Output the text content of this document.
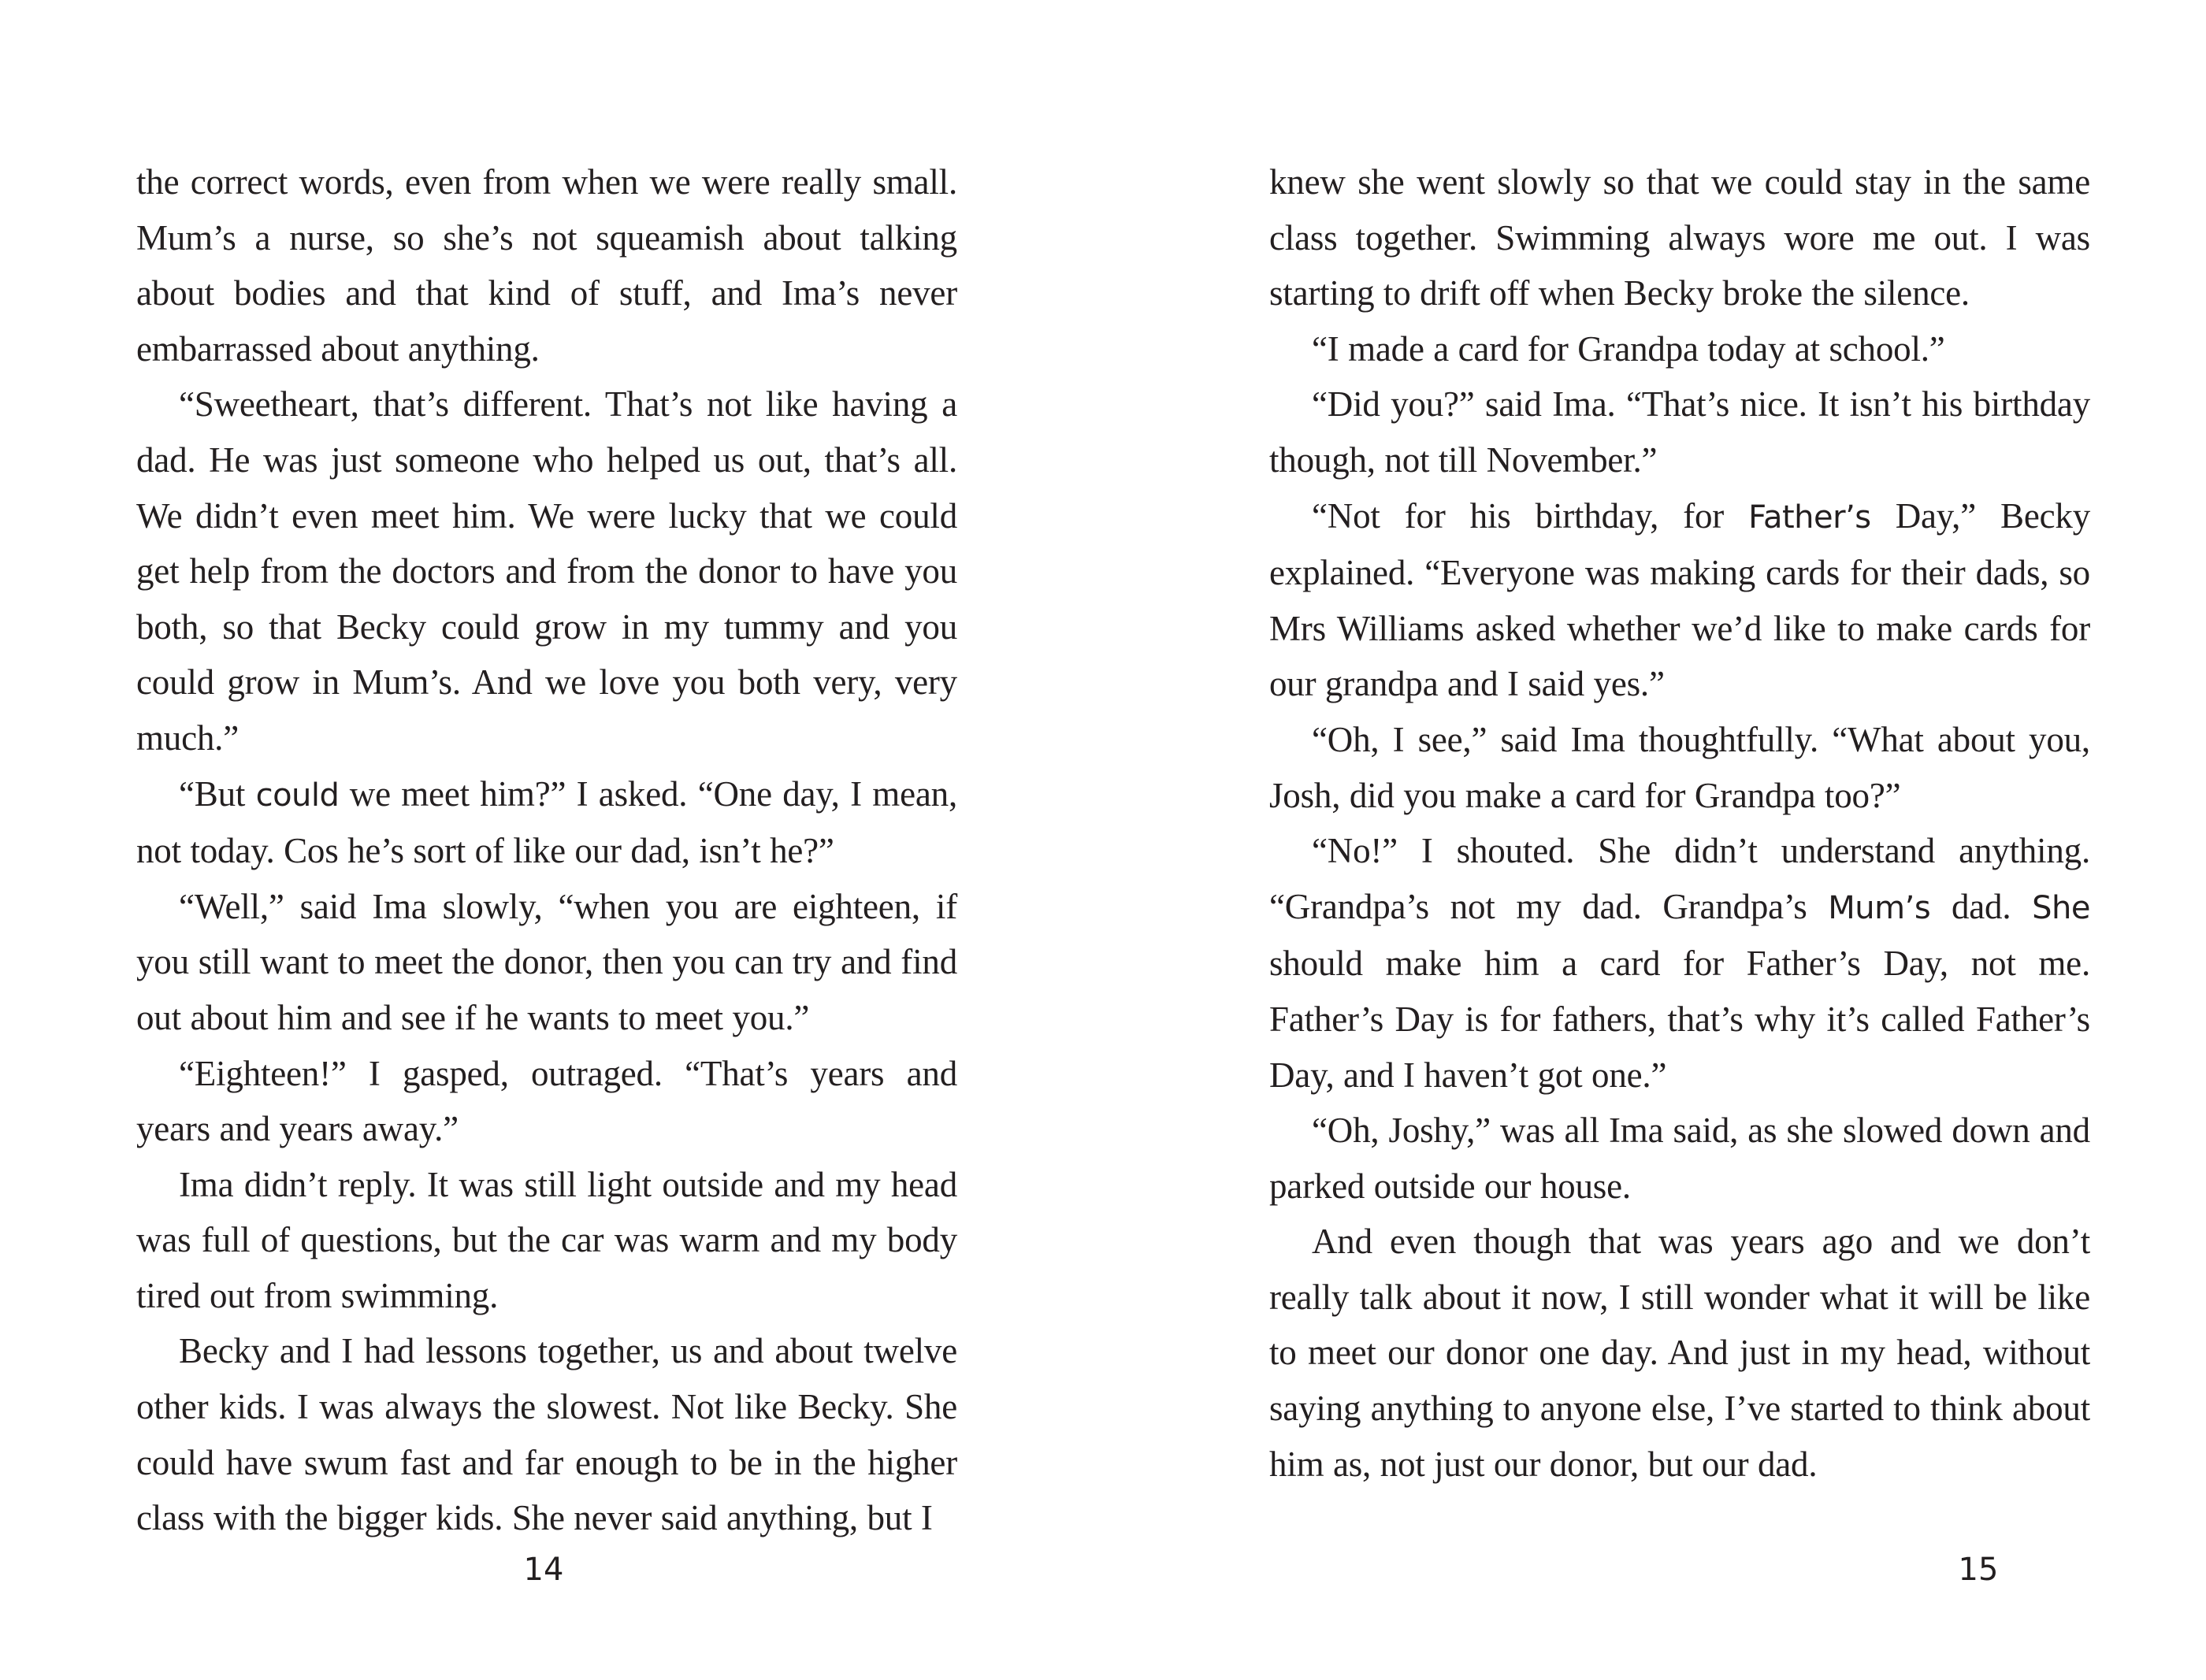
the correct words, even from when we were really small. Mum’s a nurse, so she’s not squeamish about talking about bodies and that kind of stuff, and Ima’s never embarrassed about anything.

“Sweetheart, that’s different. That’s not like having a dad. He was just someone who helped us out, that’s all. We didn’t even meet him. We were lucky that we could get help from the doctors and from the donor to have you both, so that Becky could grow in my tummy and you could grow in Mum’s. And we love you both very, very much.”

“But could we meet him?” I asked. “One day, I mean, not today. Cos he’s sort of like our dad, isn’t he?”

“Well,” said Ima slowly, “when you are eighteen, if you still want to meet the donor, then you can try and find out about him and see if he wants to meet you.”

“Eighteen!” I gasped, outraged. “That’s years and years and years away.”

Ima didn’t reply. It was still light outside and my head was full of questions, but the car was warm and my body tired out from swimming.

Becky and I had lessons together, us and about twelve other kids. I was always the slowest. Not like Becky. She could have swum fast and far enough to be in the higher class with the bigger kids. She never said anything, but I

14

knew she went slowly so that we could stay in the same class together. Swimming always wore me out. I was starting to drift off when Becky broke the silence.

“I made a card for Grandpa today at school.”

“Did you?” said Ima. “That’s nice. It isn’t his birthday though, not till November.”

“Not for his birthday, for Father’s Day,” Becky explained. “Everyone was making cards for their dads, so Mrs Williams asked whether we’d like to make cards for our grandpa and I said yes.”

“Oh, I see,” said Ima thoughtfully. “What about you, Josh, did you make a card for Grandpa too?”

“No!” I shouted. She didn’t understand anything. “Grandpa’s not my dad. Grandpa’s Mum’s dad. She should make him a card for Father’s Day, not me. Father’s Day is for fathers, that’s why it’s called Father’s Day, and I haven’t got one.”

“Oh, Joshy,” was all Ima said, as she slowed down and parked outside our house.

And even though that was years ago and we don’t really talk about it now, I still wonder what it will be like to meet our donor one day. And just in my head, without saying anything to anyone else, I’ve started to think about him as, not just our donor, but our dad.

15
